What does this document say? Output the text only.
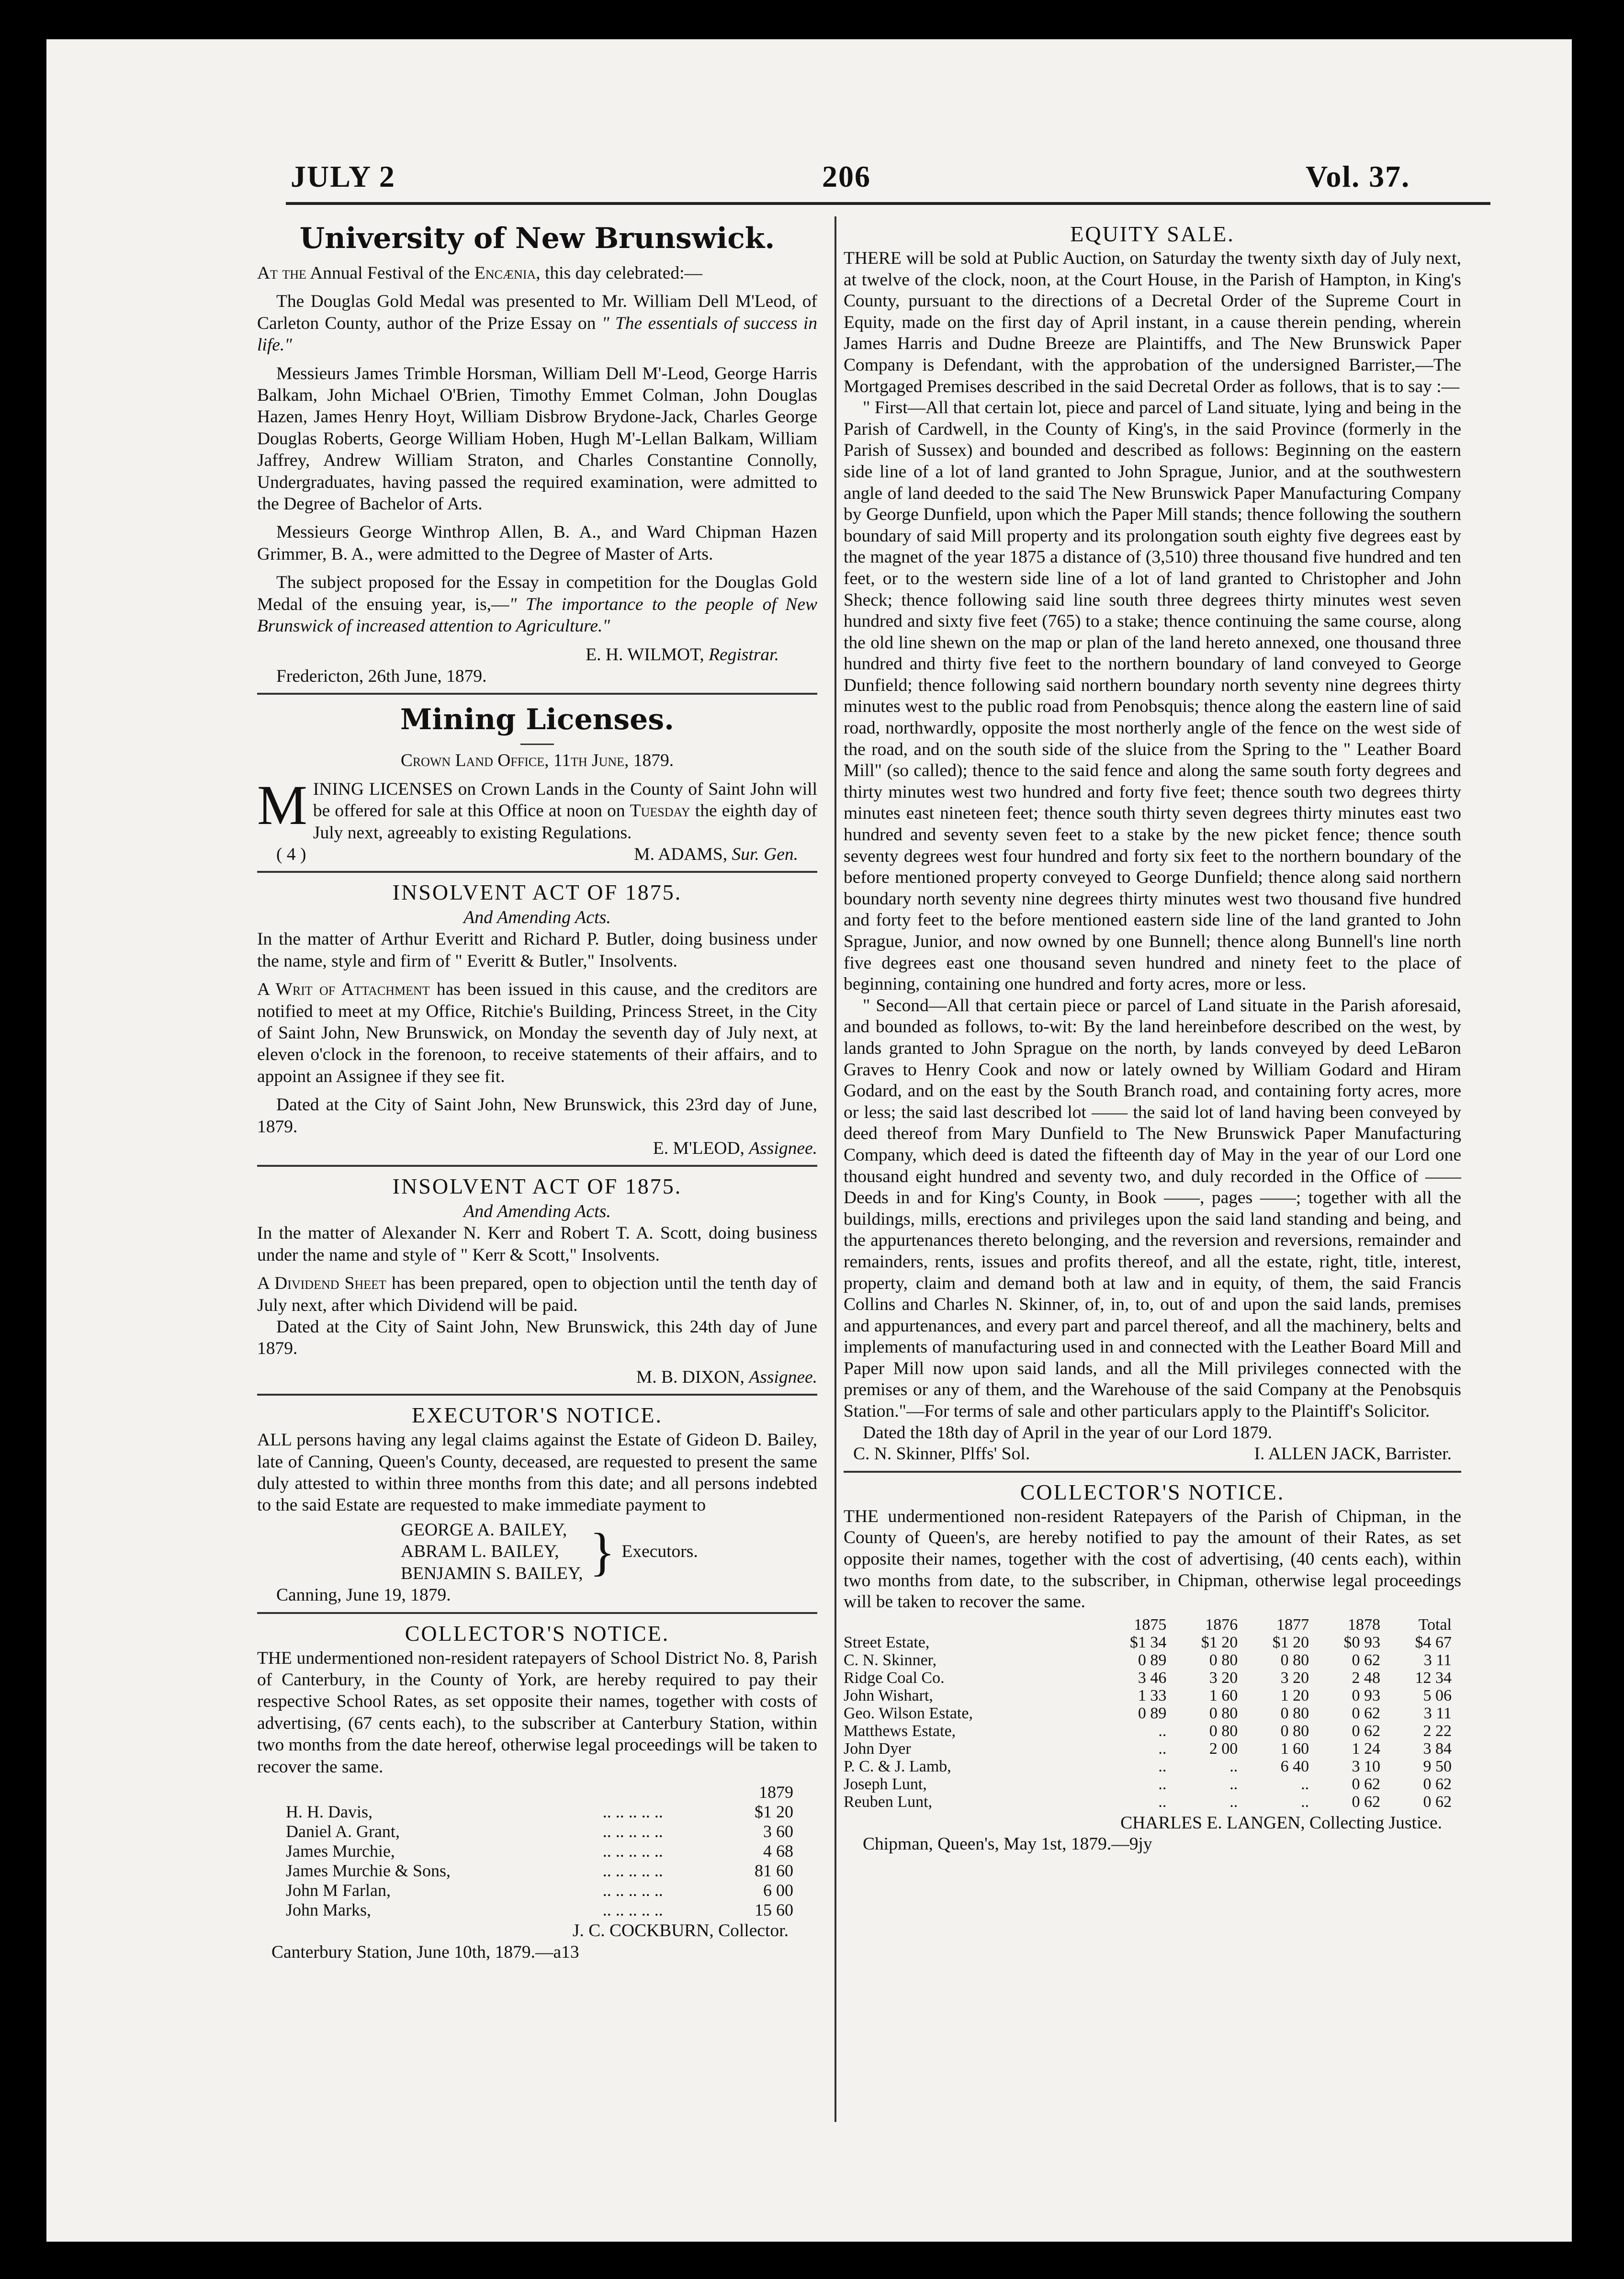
JULY 2	206	Vol. 37.
University of New Brunswick.

At the Annual Festival of the Encænia, this day celebrated:—

The Douglas Gold Medal was presented to Mr. William Dell M'Leod, of Carleton County, author of the Prize Essay on " The essentials of success in life."

Messieurs James Trimble Horsman, William Dell M'-Leod, George Harris Balkam, John Michael O'Brien, Timothy Emmet Colman, John Douglas Hazen, James Henry Hoyt, William Disbrow Brydone-Jack, Charles George Douglas Roberts, George William Hoben, Hugh M'-Lellan Balkam, William Jaffrey, Andrew William Straton, and Charles Constantine Connolly, Undergraduates, having passed the required examination, were admitted to the Degree of Bachelor of Arts.

Messieurs George Winthrop Allen, B. A., and Ward Chipman Hazen Grimmer, B. A., were admitted to the Degree of Master of Arts.

The subject proposed for the Essay in competition for the Douglas Gold Medal of the ensuing year, is,—" The importance to the people of New Brunswick of increased attention to Agriculture."

E. H. WILMOT, Registrar.

Fredericton, 26th June, 1879.

Mining Licenses.

Crown Land Office, 11th June, 1879.

M INING LICENSES on Crown Lands in the County of Saint John will be offered for sale at this Office at noon on Tuesday the eighth day of July next, agreeably to existing Regulations.

( 4 )	M. ADAMS, Sur. Gen.
INSOLVENT ACT OF 1875.
And Amending Acts.

In the matter of Arthur Everitt and Richard P. Butler, doing business under the name, style and firm of " Everitt & Butler," Insolvents.

A Writ of Attachment has been issued in this cause, and the creditors are notified to meet at my Office, Ritchie's Building, Princess Street, in the City of Saint John, New Brunswick, on Monday the seventh day of July next, at eleven o'clock in the forenoon, to receive statements of their affairs, and to appoint an Assignee if they see fit.

Dated at the City of Saint John, New Brunswick, this 23rd day of June, 1879.

E. M'LEOD, Assignee.

INSOLVENT ACT OF 1875.
And Amending Acts.

In the matter of Alexander N. Kerr and Robert T. A. Scott, doing business under the name and style of " Kerr & Scott," Insolvents.

A Dividend Sheet has been prepared, open to objection until the tenth day of July next, after which Dividend will be paid.

Dated at the City of Saint John, New Brunswick, this 24th day of June 1879.

M. B. DIXON, Assignee.

EXECUTOR'S NOTICE.

ALL persons having any legal claims against the Estate of Gideon D. Bailey, late of Canning, Queen's County, deceased, are requested to present the same duly attested to within three months from this date; and all persons indebted to the said Estate are requested to make immediate payment to

GEORGE A. BAILEY,
ABRAM L. BAILEY,
BENJAMIN S. BAILEY, } Executors.

Canning, June 19, 1879.

COLLECTOR'S NOTICE.

THE undermentioned non-resident ratepayers of School District No. 8, Parish of Canterbury, in the County of York, are hereby required to pay their respective School Rates, as set opposite their names, together with costs of advertising, (67 cents each), to the subscriber at Canterbury Station, within two months from the date hereof, otherwise legal proceedings will be taken to recover the same.

		1879
H. H. Davis,	.. .. .. .. ..	$1 20
Daniel A. Grant,	.. .. .. .. ..	3 60
James Murchie,	.. .. .. .. ..	4 68
James Murchie & Sons,	.. .. .. .. ..	81 60
John M Farlan,	.. .. .. .. ..	6 00
John Marks,	.. .. .. .. ..	15 60

J. C. COCKBURN, Collector.

Canterbury Station, June 10th, 1879.—a13

EQUITY SALE.

THERE will be sold at Public Auction, on Saturday the twenty sixth day of July next, at twelve of the clock, noon, at the Court House, in the Parish of Hampton, in King's County, pursuant to the directions of a Decretal Order of the Supreme Court in Equity, made on the first day of April instant, in a cause therein pending, wherein James Harris and Dudne Breeze are Plaintiffs, and The New Brunswick Paper Company is Defendant, with the approbation of the undersigned Barrister,—The Mortgaged Premises described in the said Decretal Order as follows, that is to say :—

" First—All that certain lot, piece and parcel of Land situate, lying and being in the Parish of Cardwell, in the County of King's, in the said Province (formerly in the Parish of Sussex) and bounded and described as follows: Beginning on the eastern side line of a lot of land granted to John Sprague, Junior, and at the southwestern angle of land deeded to the said The New Brunswick Paper Manufacturing Company by George Dunfield, upon which the Paper Mill stands; thence following the southern boundary of said Mill property and its prolongation south eighty five degrees east by the magnet of the year 1875 a distance of (3,510) three thousand five hundred and ten feet, or to the western side line of a lot of land granted to Christopher and John Sheck; thence following said line south three degrees thirty minutes west seven hundred and sixty five feet (765) to a stake; thence continuing the same course, along the old line shewn on the map or plan of the land hereto annexed, one thousand three hundred and thirty five feet to the northern boundary of land conveyed to George Dunfield; thence following said northern boundary north seventy nine degrees thirty minutes west to the public road from Penobsquis; thence along the eastern line of said road, northwardly, opposite the most northerly angle of the fence on the west side of the road, and on the south side of the sluice from the Spring to the " Leather Board Mill" (so called); thence to the said fence and along the same south forty degrees and thirty minutes west two hundred and forty five feet; thence south two degrees thirty minutes east nineteen feet; thence south thirty seven degrees thirty minutes east two hundred and seventy seven feet to a stake by the new picket fence; thence south seventy degrees west four hundred and forty six feet to the northern boundary of the before mentioned property conveyed to George Dunfield; thence along said northern boundary north seventy nine degrees thirty minutes west two thousand five hundred and forty feet to the before mentioned eastern side line of the land granted to John Sprague, Junior, and now owned by one Bunnell; thence along Bunnell's line north five degrees east one thousand seven hundred and ninety feet to the place of beginning, containing one hundred and forty acres, more or less.

" Second—All that certain piece or parcel of Land situate in the Parish aforesaid, and bounded as follows, to-wit: By the land hereinbefore described on the west, by lands granted to John Sprague on the north, by lands conveyed by deed LeBaron Graves to Henry Cook and now or lately owned by William Godard and Hiram Godard, and on the east by the South Branch road, and containing forty acres, more or less; the said last described lot —— the said lot of land having been conveyed by deed thereof from Mary Dunfield to The New Brunswick Paper Manufacturing Company, which deed is dated the fifteenth day of May in the year of our Lord one thousand eight hundred and seventy two, and duly recorded in the Office of —— Deeds in and for King's County, in Book ——, pages ——; together with all the buildings, mills, erections and privileges upon the said land standing and being, and the appurtenances thereto belonging, and the reversion and reversions, remainder and remainders, rents, issues and profits thereof, and all the estate, right, title, interest, property, claim and demand both at law and in equity, of them, the said Francis Collins and Charles N. Skinner, of, in, to, out of and upon the said lands, premises and appurtenances, and every part and parcel thereof, and all the machinery, belts and implements of manufacturing used in and connected with the Leather Board Mill and Paper Mill now upon said lands, and all the Mill privileges connected with the premises or any of them, and the Warehouse of the said Company at the Penobsquis Station."—For terms of sale and other particulars apply to the Plaintiff's Solicitor.

Dated the 18th day of April in the year of our Lord 1879.

C. N. Skinner, Plffs' Sol.	I. ALLEN JACK, Barrister.
COLLECTOR'S NOTICE.

THE undermentioned non-resident Ratepayers of the Parish of Chipman, in the County of Queen's, are hereby notified to pay the amount of their Rates, as set opposite their names, together with the cost of advertising, (40 cents each), within two months from date, to the subscriber, in Chipman, otherwise legal proceedings will be taken to recover the same.

	1875	1876	1877	1878	Total
Street Estate,	$1 34	$1 20	$1 20	$0 93	$4 67
C. N. Skinner,	0 89	0 80	0 80	0 62	3 11
Ridge Coal Co.	3 46	3 20	3 20	2 48	12 34
John Wishart,	1 33	1 60	1 20	0 93	5 06
Geo. Wilson Estate,	0 89	0 80	0 80	0 62	3 11
Matthews Estate,	..	0 80	0 80	0 62	2 22
John Dyer	..	2 00	1 60	1 24	3 84
P. C. & J. Lamb,	..	..	6 40	3 10	9 50
Joseph Lunt,	..	..	..	0 62	0 62
Reuben Lunt,	..	..	..	0 62	0 62

CHARLES E. LANGEN, Collecting Justice.

Chipman, Queen's, May 1st, 1879.—9jy
